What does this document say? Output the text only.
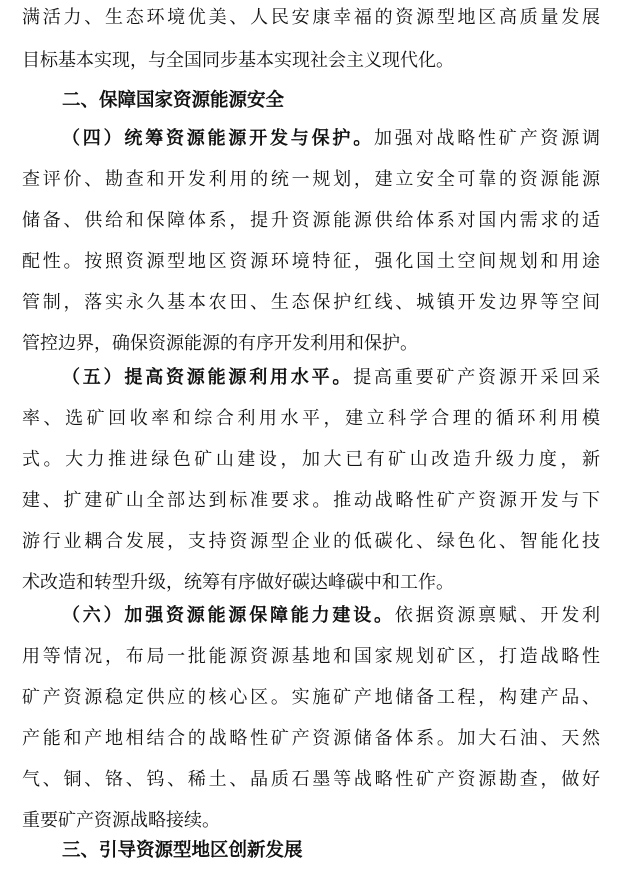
满活力、生态环境优美、人民安康幸福的资源型地区高质量发展
目标基本实现，与全国同步基本实现社会主义现代化。
二、保障国家资源能源安全
（四）统筹资源能源开发与保护。加强对战略性矿产资源调
查评价、勘查和开发利用的统一规划，建立安全可靠的资源能源
储备、供给和保障体系，提升资源能源供给体系对国内需求的适
配性。按照资源型地区资源环境特征，强化国土空间规划和用途
管制，落实永久基本农田、生态保护红线、城镇开发边界等空间
管控边界，确保资源能源的有序开发利用和保护。
（五）提高资源能源利用水平。提高重要矿产资源开采回采
率、选矿回收率和综合利用水平，建立科学合理的循环利用模
式。大力推进绿色矿山建设，加大已有矿山改造升级力度，新
建、扩建矿山全部达到标准要求。推动战略性矿产资源开发与下
游行业耦合发展，支持资源型企业的低碳化、绿色化、智能化技
术改造和转型升级，统筹有序做好碳达峰碳中和工作。
（六）加强资源能源保障能力建设。依据资源禀赋、开发利
用等情况，布局一批能源资源基地和国家规划矿区，打造战略性
矿产资源稳定供应的核心区。实施矿产地储备工程，构建产品、
产能和产地相结合的战略性矿产资源储备体系。加大石油、天然
气、铜、铬、钨、稀土、晶质石墨等战略性矿产资源勘查，做好
重要矿产资源战略接续。
三、引导资源型地区创新发展
